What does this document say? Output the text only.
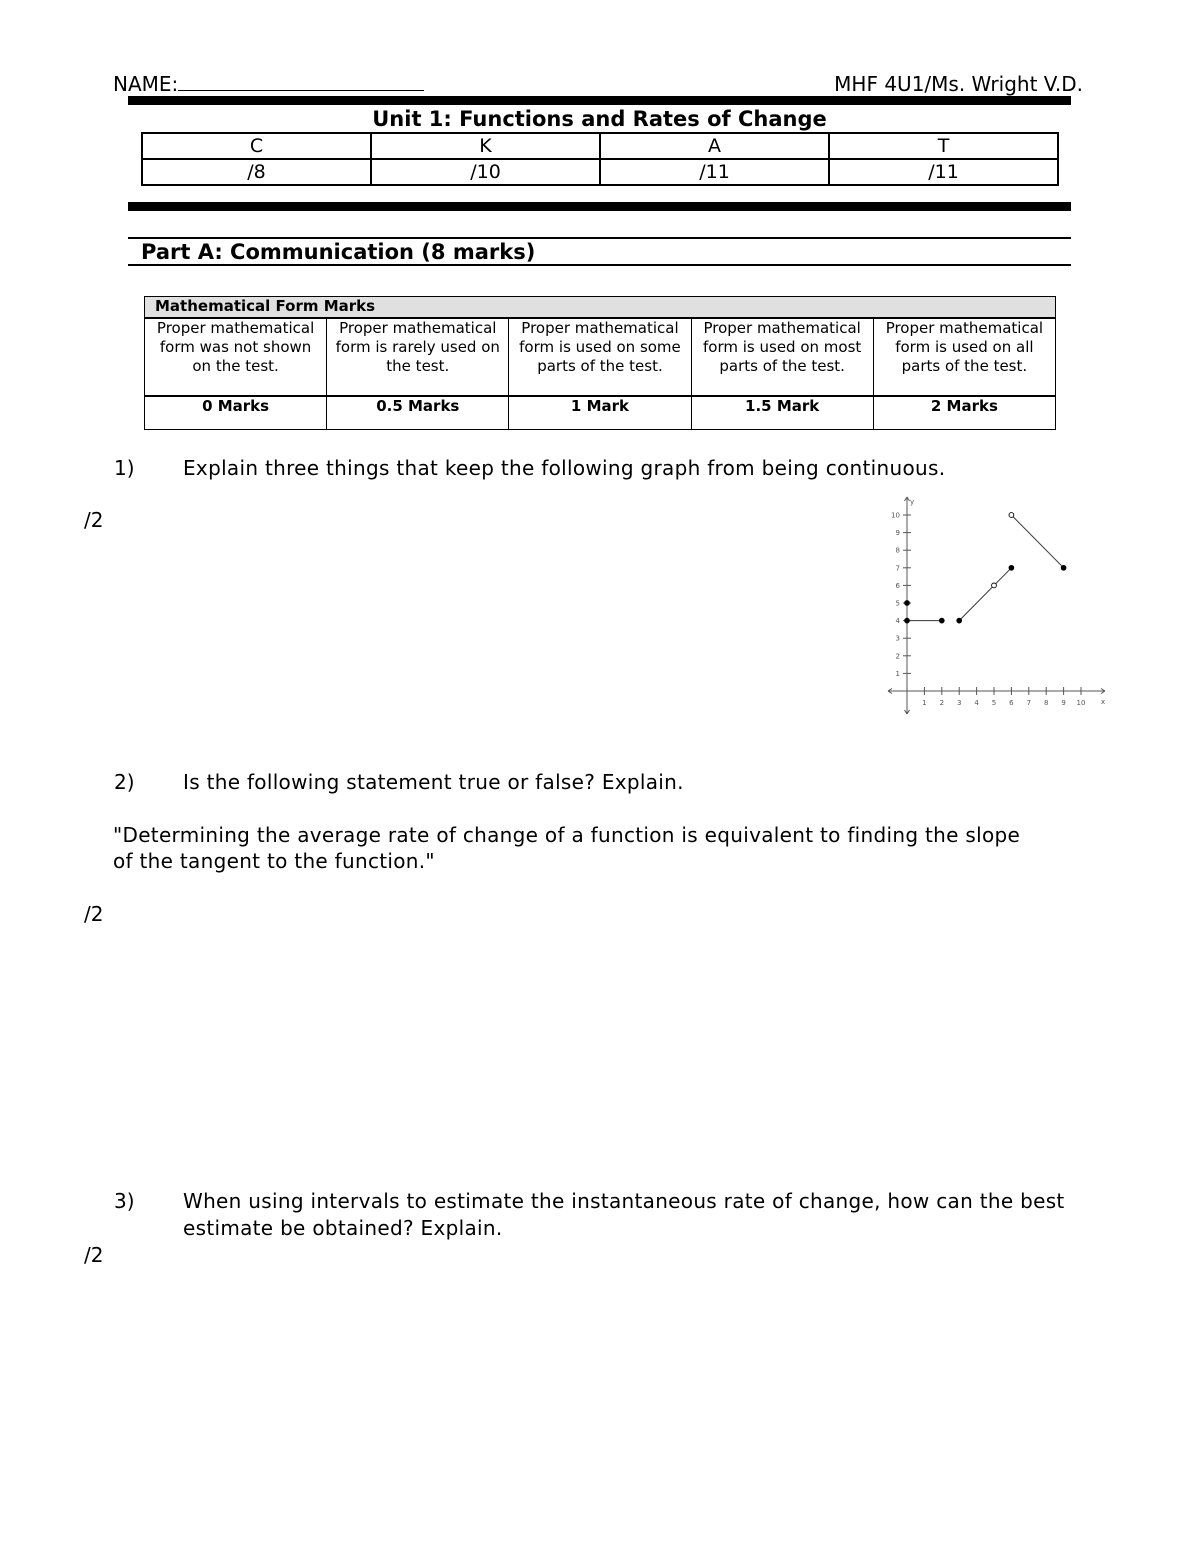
NAME:	MHF 4U1/Ms. Wright V.D.
Unit 1: Functions and Rates of Change
C	K	A	T
/8	/10	/11	/11
Part A: Communication (8 marks)
Mathematical Form Marks				
Proper mathematical form was not shown on the test.	Proper mathematical form is rarely used on the test.	Proper mathematical form is used on some parts of the test.	Proper mathematical form is used on most parts of the test.	Proper mathematical form is used on all parts of the test.
0 Marks	0.5 Marks	1 Mark	1.5 Mark	2 Marks
1) Explain three things that keep the following graph from being continuous.
/2
x
y
1 2 3 4 5 6 7 8 9 10
1
2
3
4
5
6
7
8
9
10
2) Is the following statement true or false? Explain.
"Determining the average rate of change of a function is equivalent to finding the slope of the tangent to the function."
/2
3) When using intervals to estimate the instantaneous rate of change, how can the best estimate be obtained? Explain.
/2
